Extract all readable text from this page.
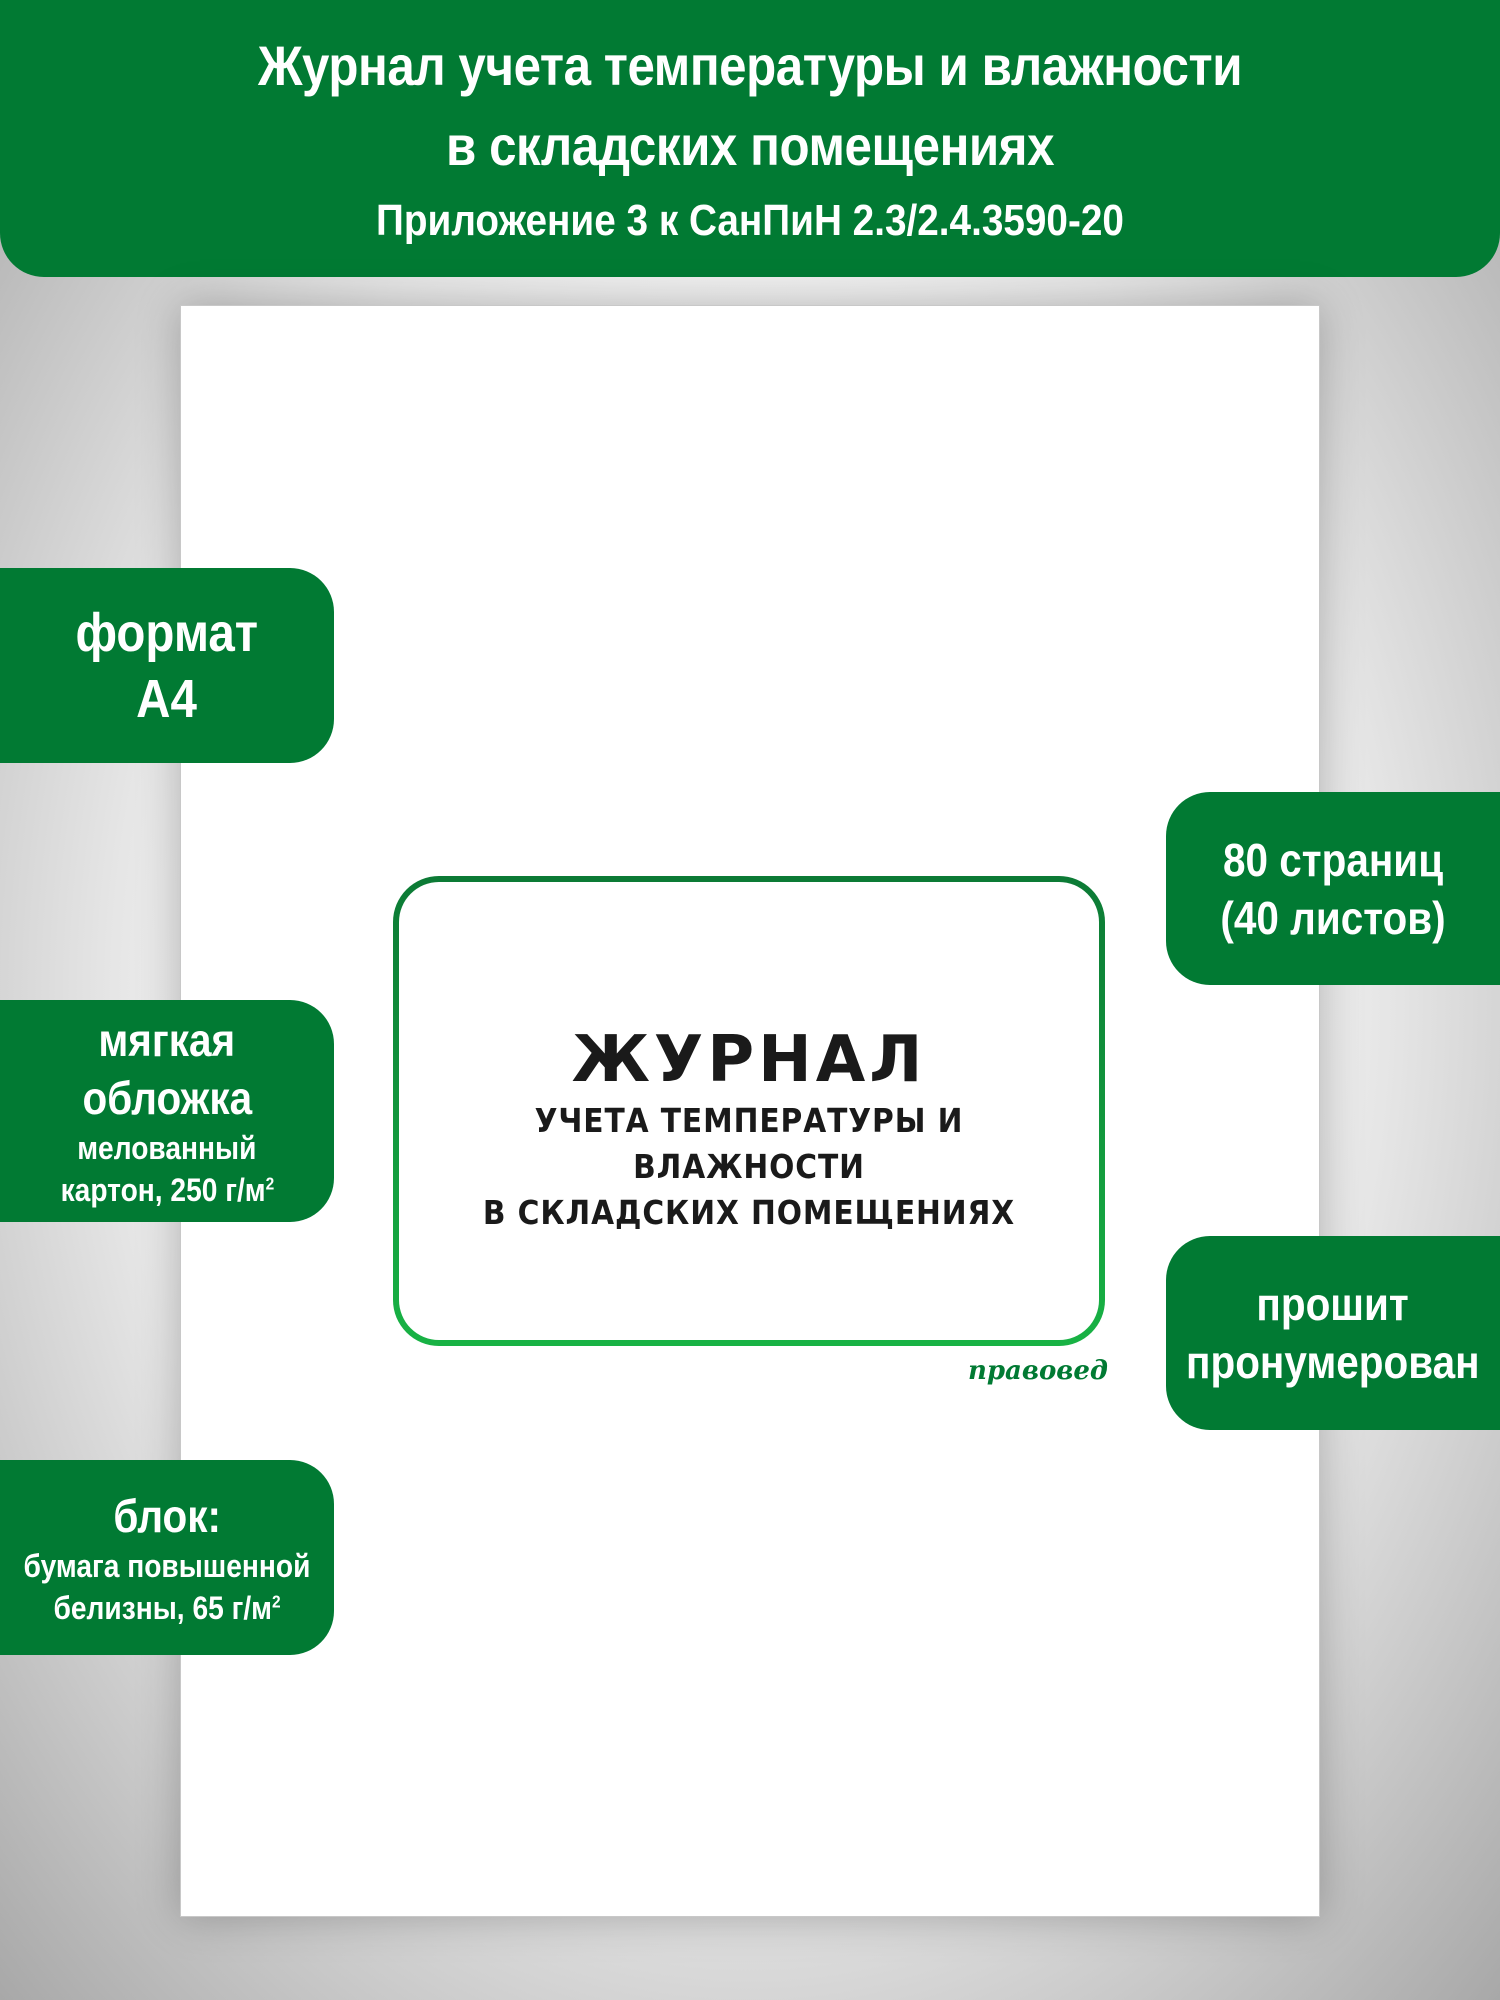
Журнал учета температуры и влажности
в складских помещениях
Приложение 3 к СанПиН 2.3/2.4.3590-20
ЖУРНАЛ
УЧЕТА ТЕМПЕРАТУРЫ И ВЛАЖНОСТИ
В СКЛАДСКИХ ПОМЕЩЕНИЯХ
правовед
формат
А4
мягкая
обложка
мелованный
картон, 250 $г/м^2$
блок:
бумага повышенной
белизны, 65 $г/м^2$
80 страниц
(40 листов)
прошит
пронумерован
